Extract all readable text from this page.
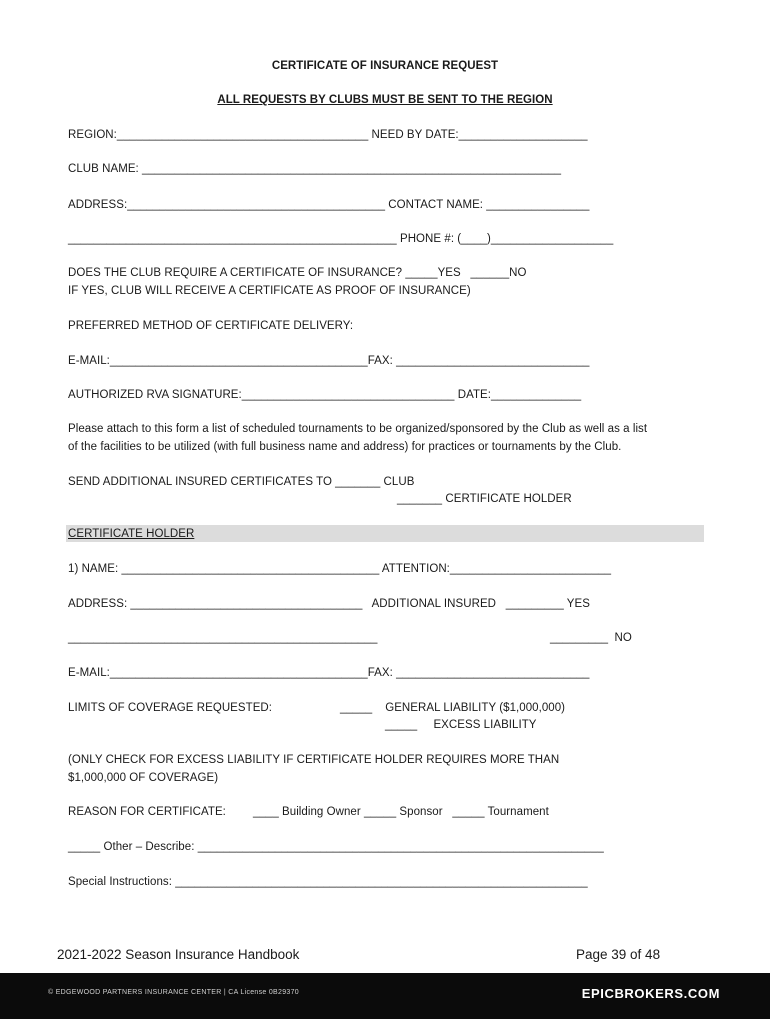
CERTIFICATE OF INSURANCE REQUEST
ALL REQUESTS BY CLUBS MUST BE SENT TO THE REGION
REGION:_______________________________________ NEED BY DATE:____________________
CLUB NAME: _________________________________________________________________
ADDRESS:________________________________________ CONTACT NAME: ________________
___________________________________________________ PHONE #: (____)___________________
DOES THE CLUB REQUIRE A CERTIFICATE OF INSURANCE? _____YES   ______NO
IF YES, CLUB WILL RECEIVE A CERTIFICATE AS PROOF OF INSURANCE)
PREFERRED METHOD OF CERTIFICATE DELIVERY:
E-MAIL:________________________________________FAX: ______________________________
AUTHORIZED RVA SIGNATURE:_________________________________ DATE:______________
Please attach to this form a list of scheduled tournaments to be organized/sponsored by the Club as well as a list
of the facilities to be utilized (with full business name and address) for practices or tournaments by the Club.
SEND ADDITIONAL INSURED CERTIFICATES TO _______ CLUB
_______ CERTIFICATE HOLDER
CERTIFICATE HOLDER
1) NAME: ________________________________________ ATTENTION:_________________________
ADDRESS: ____________________________________   ADDITIONAL INSURED   _________ YES
________________________________________________	_________  NO
E-MAIL:________________________________________FAX: ______________________________
LIMITS OF COVERAGE REQUESTED:	_____    GENERAL LIABILITY ($1,000,000)
_____     EXCESS LIABILITY
(ONLY CHECK FOR EXCESS LIABILITY IF CERTIFICATE HOLDER REQUIRES MORE THAN
$1,000,000 OF COVERAGE)
REASON FOR CERTIFICATE: ____ Building Owner _____ Sponsor   _____ Tournament
_____ Other – Describe: _______________________________________________________________
Special Instructions: ________________________________________________________________
2021-2022 Season Insurance Handbook	Page 39 of 48
© EDGEWOOD PARTNERS INSURANCE CENTER | CA License 0B29370	EPICBROKERS.COM
